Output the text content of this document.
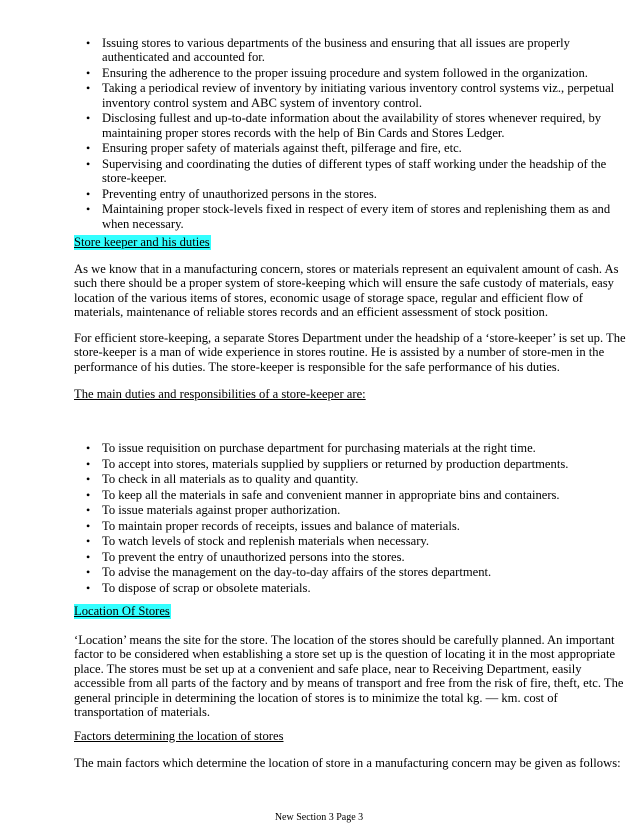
• Issuing stores to various departments of the business and ensuring that all issues are properly authenticated and accounted for.
• Ensuring the adherence to the proper issuing procedure and system followed in the organization.
• Taking a periodical review of inventory by initiating various inventory control systems viz., perpetual inventory control system and ABC system of inventory control.
• Disclosing fullest and up-to-date information about the availability of stores whenever required, by maintaining proper stores records with the help of Bin Cards and Stores Ledger.
• Ensuring proper safety of materials against theft, pilferage and fire, etc.
• Supervising and coordinating the duties of different types of staff working under the headship of the store-keeper.
• Preventing entry of unauthorized persons in the stores.
• Maintaining proper stock-levels fixed in respect of every item of stores and replenishing them as and when necessary.
Store keeper and his duties

As we know that in a manufacturing concern, stores or materials represent an equivalent amount of cash. As such there should be a proper system of store-keeping which will ensure the safe custody of materials, easy location of the various items of stores, economic usage of storage space, regular and efficient flow of materials, maintenance of reliable stores records and an efficient assessment of stock position.

For efficient store-keeping, a separate Stores Department under the headship of a ‘store-keeper’ is set up. The store-keeper is a man of wide experience in stores routine. He is assisted by a number of store-men in the performance of his duties. The store-keeper is responsible for the safe performance of his duties.

The main duties and responsibilities of a store-keeper are:
• To issue requisition on purchase department for purchasing materials at the right time.
• To accept into stores, materials supplied by suppliers or returned by production departments.
• To check in all materials as to quality and quantity.
• To keep all the materials in safe and convenient manner in appropriate bins and containers.
• To issue materials against proper authorization.
• To maintain proper records of receipts, issues and balance of materials.
• To watch levels of stock and replenish materials when necessary.
• To prevent the entry of unauthorized persons into the stores.
• To advise the management on the day-to-day affairs of the stores department.
• To dispose of scrap or obsolete materials.
Location Of Stores

‘Location’ means the site for the store. The location of the stores should be carefully planned. An important factor to be considered when establishing a store set up is the question of locating it in the most appropriate place. The stores must be set up at a convenient and safe place, near to Receiving Department, easily accessible from all parts of the factory and by means of transport and free from the risk of fire, theft, etc. The general principle in determining the location of stores is to minimize the total kg. — km. cost of transportation of materials.

Factors determining the location of stores

The main factors which determine the location of store in a manufacturing concern may be given as follows:

New Section 3 Page 3
